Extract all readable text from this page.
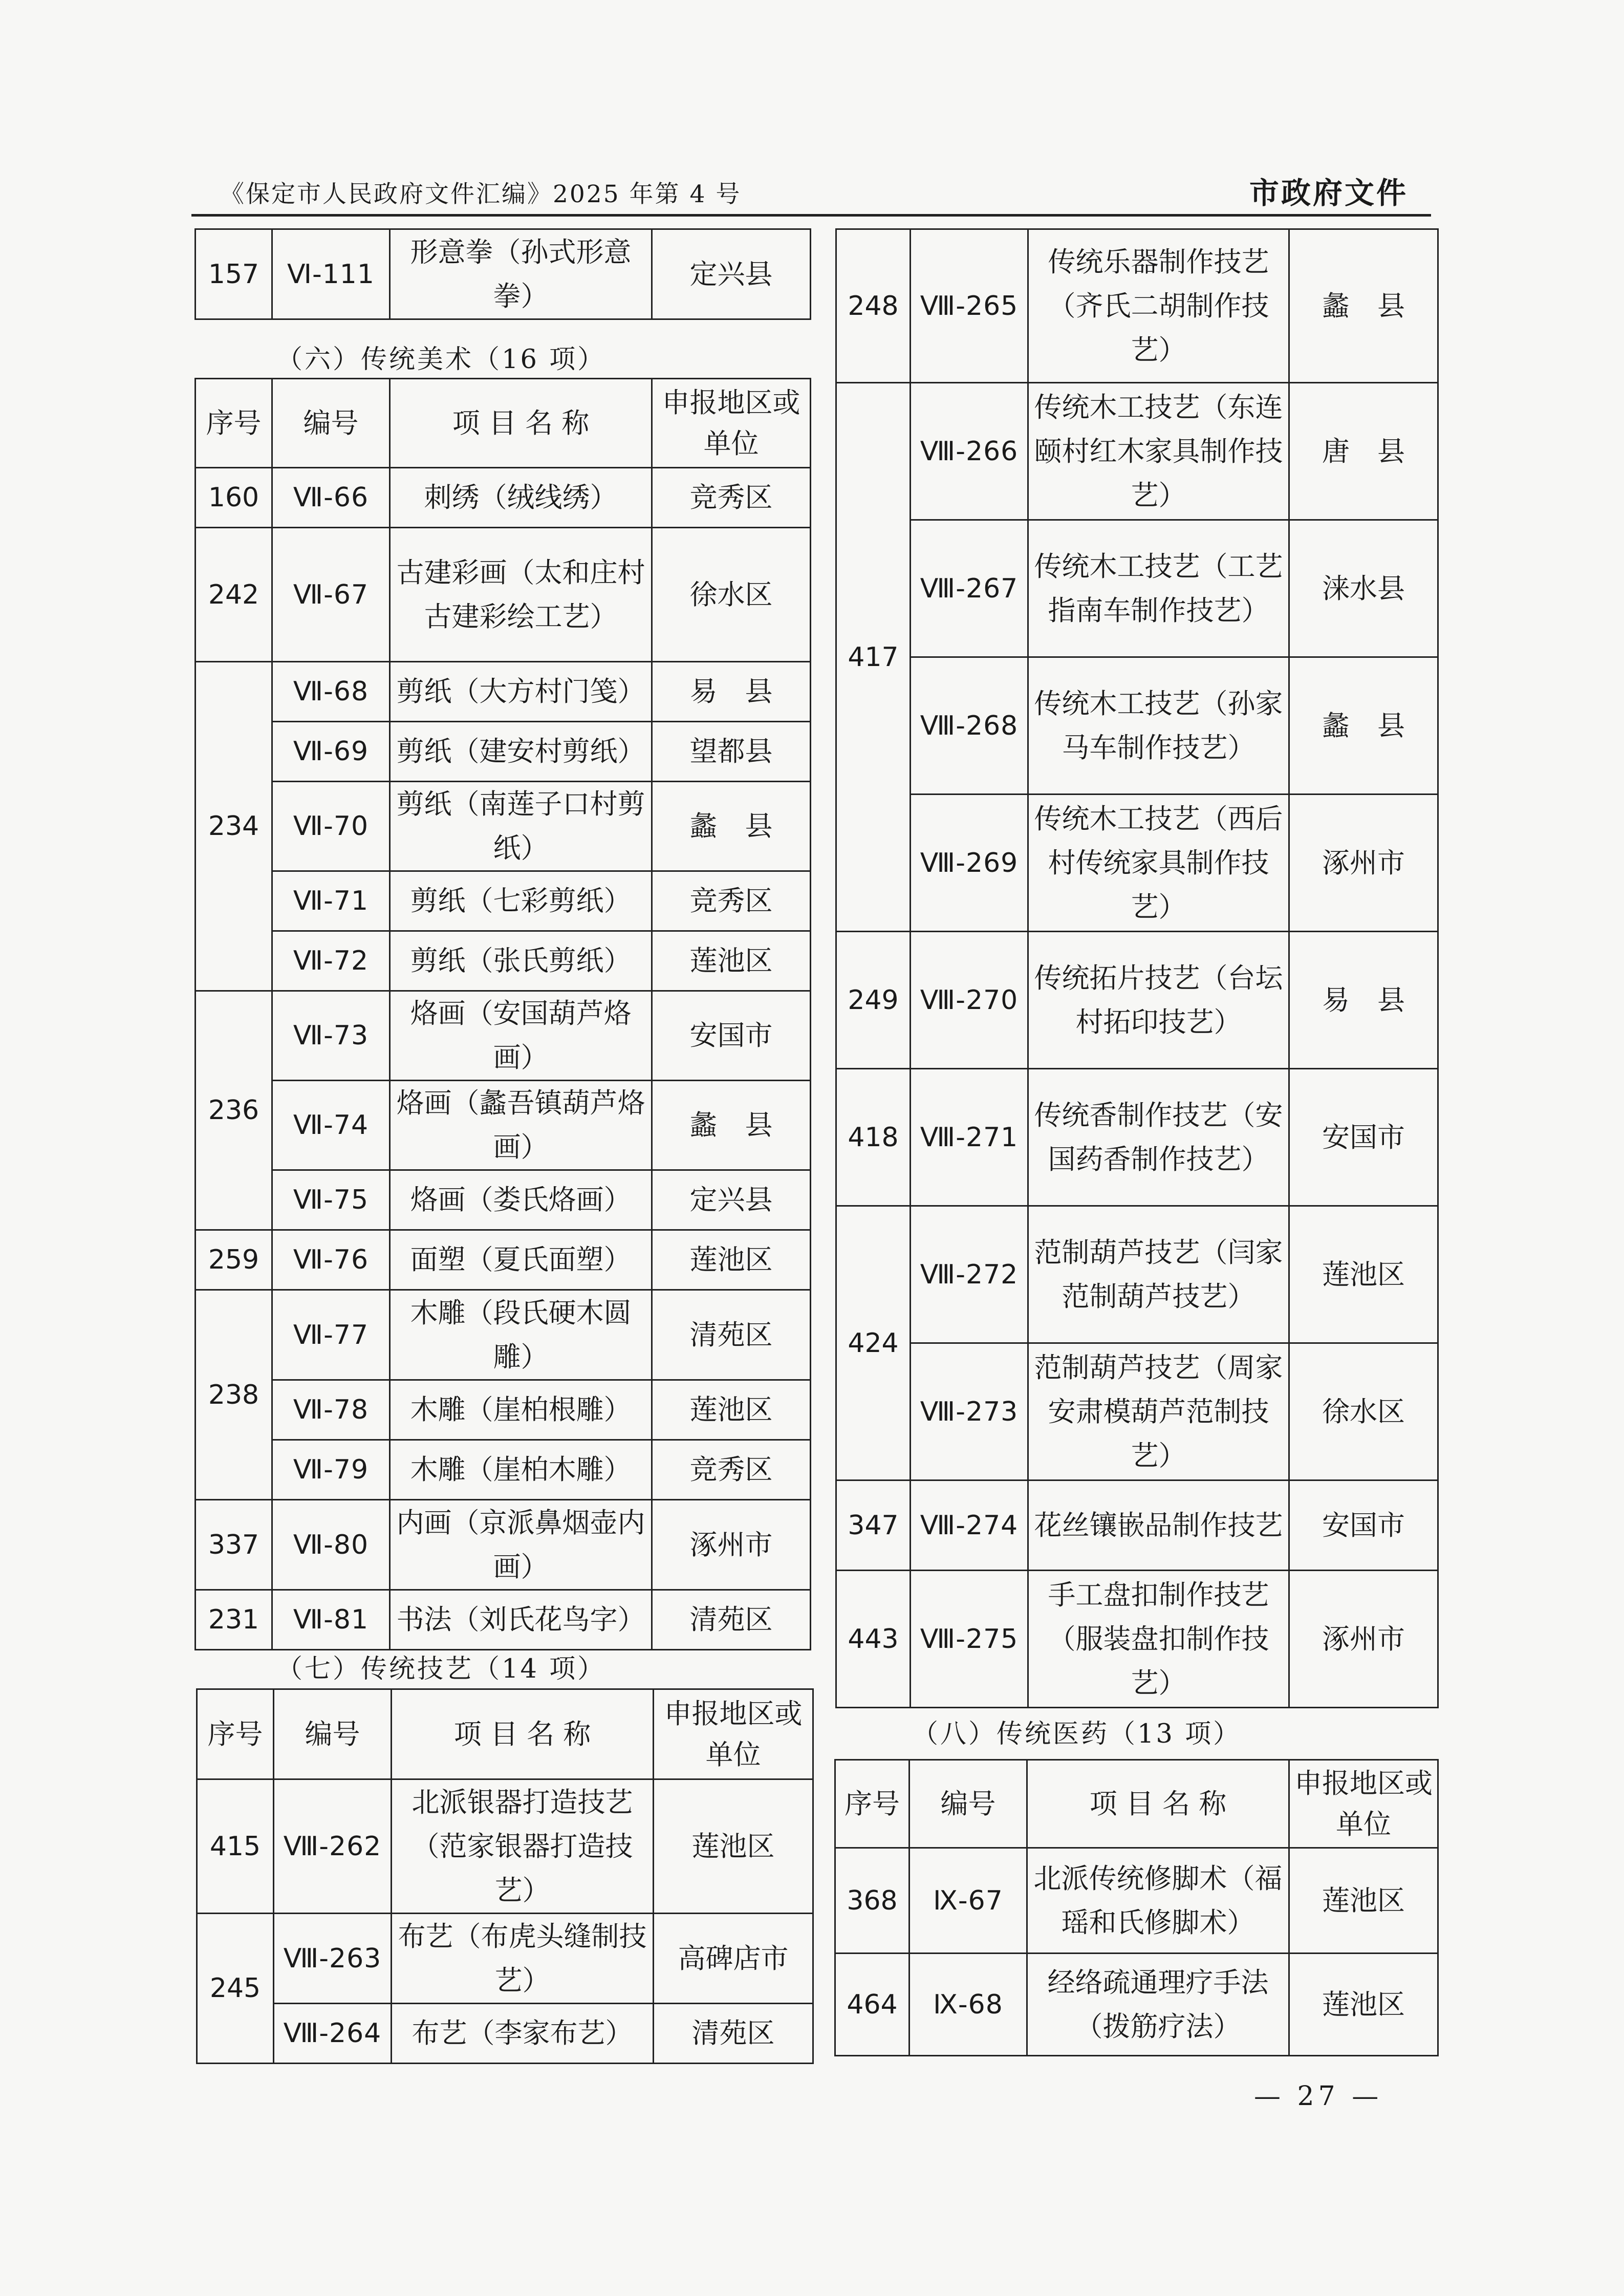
《保定市人民政府文件汇编》2025 年第 4 号	市政府文件
157	Ⅵ-111	形意拳（孙式形意拳）	定兴县
（六）传统美术（16 项）
序号	编号	项 目 名 称	申报地区或单位
160	Ⅶ-66	刺绣（绒线绣）	竞秀区
242	Ⅶ-67	古建彩画（太和庄村古建彩绘工艺）	徐水区
234	Ⅶ-68	剪纸（大方村门笺）	易　县
	Ⅶ-69	剪纸（建安村剪纸）	望都县
	Ⅶ-70	剪纸（南莲子口村剪纸）	蠡　县
	Ⅶ-71	剪纸（七彩剪纸）	竞秀区
	Ⅶ-72	剪纸（张氏剪纸）	莲池区
236	Ⅶ-73	烙画（安国葫芦烙画）	安国市
	Ⅶ-74	烙画（蠡吾镇葫芦烙画）	蠡　县
	Ⅶ-75	烙画（娄氏烙画）	定兴县
259	Ⅶ-76	面塑（夏氏面塑）	莲池区
238	Ⅶ-77	木雕（段氏硬木圆雕）	清苑区
	Ⅶ-78	木雕（崖柏根雕）	莲池区
	Ⅶ-79	木雕（崖柏木雕）	竞秀区
337	Ⅶ-80	内画（京派鼻烟壶内画）	涿州市
231	Ⅶ-81	书法（刘氏花鸟字）	清苑区
（七）传统技艺（14 项）
序号	编号	项 目 名 称	申报地区或单位
415	Ⅷ-262	北派银器打造技艺（范家银器打造技艺）	莲池区
245	Ⅷ-263	布艺（布虎头缝制技艺）	高碑店市
	Ⅷ-264	布艺（李家布艺）	清苑区
248	Ⅷ-265	传统乐器制作技艺（齐氏二胡制作技艺）	蠡　县
417	Ⅷ-266	传统木工技艺（东连颐村红木家具制作技艺）	唐　县
	Ⅷ-267	传统木工技艺（工艺指南车制作技艺）	涞水县
	Ⅷ-268	传统木工技艺（孙家马车制作技艺）	蠡　县
	Ⅷ-269	传统木工技艺（西后村传统家具制作技艺）	涿州市
249	Ⅷ-270	传统拓片技艺（台坛村拓印技艺）	易　县
418	Ⅷ-271	传统香制作技艺（安国药香制作技艺）	安国市
424	Ⅷ-272	范制葫芦技艺（闫家范制葫芦技艺）	莲池区
	Ⅷ-273	范制葫芦技艺（周家安肃模葫芦范制技艺）	徐水区
347	Ⅷ-274	花丝镶嵌品制作技艺	安国市
443	Ⅷ-275	手工盘扣制作技艺（服装盘扣制作技艺）	涿州市
（八）传统医药（13 项）
序号	编号	项 目 名 称	申报地区或单位
368	Ⅸ-67	北派传统修脚术（福瑶和氏修脚术）	莲池区
464	Ⅸ-68	经络疏通理疗手法（拨筋疗法）	莲池区
— 27 —
